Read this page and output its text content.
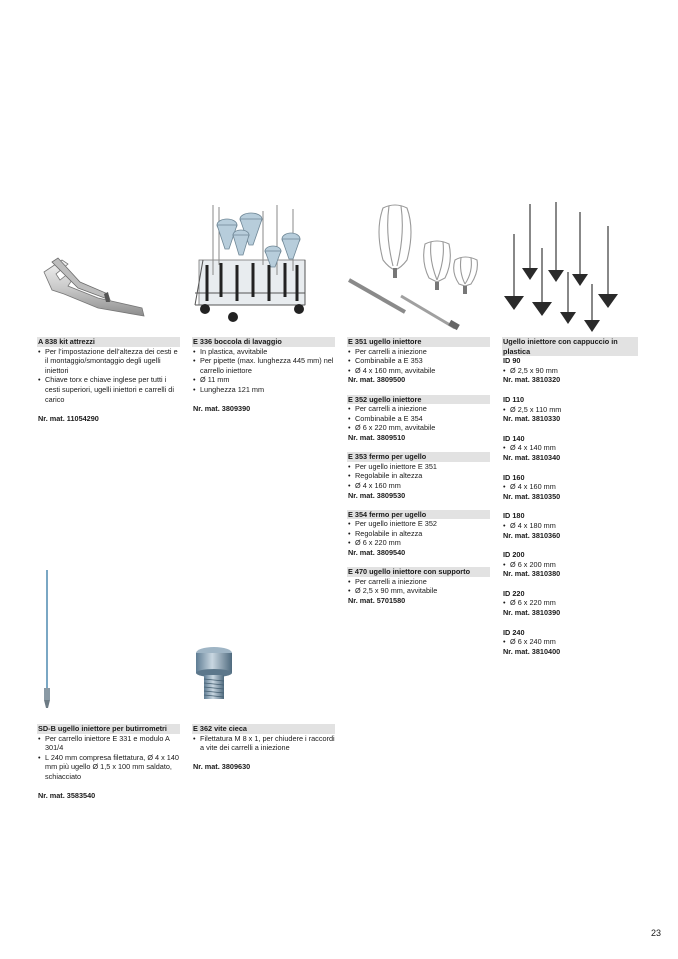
A 838 kit attrezzi
• Per l’impostazione dell’altezza dei cesti e il montaggio/smontaggio degli ugelli iniettori
• Chiave torx e chiave inglese per tutti i cesti superiori, ugelli iniettori e carrelli di carico
Nr. mat. 11054290
E 336 boccola di lavaggio
• In plastica, avvitabile
• Per pipette (max. lunghezza 445 mm) nel carrello iniettore
• Ø 11 mm
• Lunghezza 121 mm
Nr. mat. 3809390
E 351 ugello iniettore
• Per carrelli a iniezione
• Combinabile a E 353
• Ø 4 x 160 mm, avvitabile
Nr. mat. 3809500
E 352 ugello iniettore
• Per carrelli a iniezione
• Combinabile a E 354
• Ø 6 x 220 mm, avvitabile
Nr. mat. 3809510
E 353 fermo per ugello
• Per ugello iniettore E 351
• Regolabile in altezza
• Ø 4 x 160 mm
Nr. mat. 3809530
E 354 fermo per ugello
• Per ugello iniettore E 352
• Regolabile in altezza
• Ø 6 x 220 mm
Nr. mat. 3809540
E 470 ugello iniettore con supporto
• Per carrelli a iniezione
• Ø 2,5 x 90 mm, avvitabile
Nr. mat. 5701580
Ugello iniettore con cappuccio in plastica
ID 90
• Ø 2,5 x 90 mm
Nr. mat. 3810320
ID 110
• Ø 2,5 x 110 mm
Nr. mat. 3810330
ID 140
• Ø 4 x 140 mm
Nr. mat. 3810340
ID 160
• Ø 4 x 160 mm
Nr. mat. 3810350
ID 180
• Ø 4 x 180 mm
Nr. mat. 3810360
ID 200
• Ø 6 x 200 mm
Nr. mat. 3810380
ID 220
• Ø 6 x 220 mm
Nr. mat. 3810390
ID 240
• Ø 6 x 240 mm
Nr. mat. 3810400
SD-B ugello iniettore per butirrometri
• Per carrello iniettore E 331 e modulo A 301/4
• L 240 mm compresa filettatura, Ø 4 x 140 mm più ugello Ø 1,5 x 100 mm saldato, schiacciato
Nr. mat. 3583540
E 362 vite cieca
• Filettatura M 8 x 1, per chiudere i raccordi a vite dei carrelli a iniezione
Nr. mat. 3809630
23
